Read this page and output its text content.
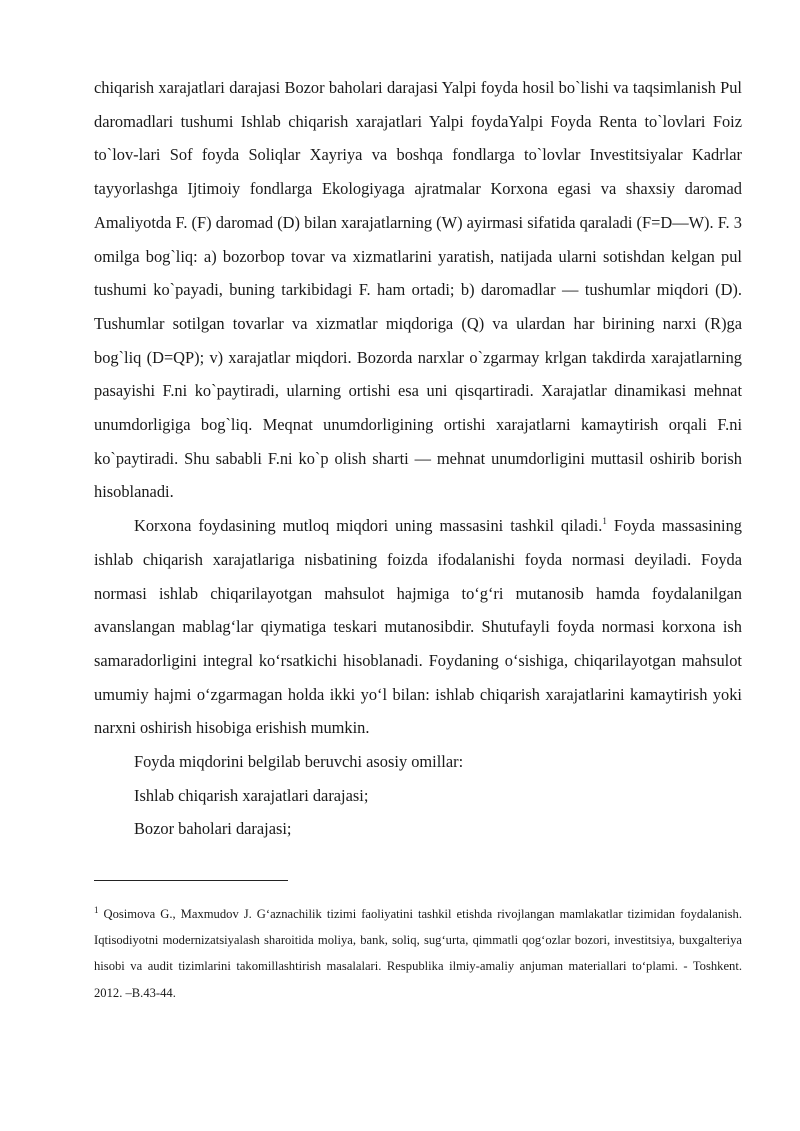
chiqarish xarajatlari darajasi Bozor baholari darajasi Yalpi foyda hosil bo`lishi va taqsimlanish Pul daromadlari tushumi Ishlab chiqarish xarajatlari Yalpi foydaYalpi Foyda Renta to`lovlari Foiz to`lov-lari Sof foyda Soliqlar Xayriya va boshqa fondlarga to`lovlar Investitsiyalar Kadrlar tayyorlashga Ijtimoiy fondlarga Ekologiyaga ajratmalar Korxona egasi va shaxsiy daromad Amaliyotda F. (F) daromad (D) bilan xarajatlarning (W) ayirmasi sifatida qaraladi (F=D—W). F. 3 omilga bog`liq: a) bozorbop tovar va xizmatlarini yaratish, natijada ularni sotishdan kelgan pul tushumi ko`payadi, buning tarkibidagi F. ham ortadi; b) daromadlar — tushumlar miqdori (D). Tushumlar sotilgan tovarlar va xizmatlar miqdoriga (Q) va ulardan har birining narxi (R)ga bog`liq (D=QP); v) xarajatlar miqdori. Bozorda narxlar o`zgarmay krlgan takdirda xarajatlarning pasayishi F.ni ko`paytiradi, ularning ortishi esa uni qisqartiradi. Xarajatlar dinamikasi mehnat unumdorligiga bog`liq. Meqnat unumdorligining ortishi xarajatlarni kamaytirish orqali F.ni ko`paytiradi. Shu sababli F.ni ko`p olish sharti — mehnat unumdorligini muttasil oshirib borish hisoblanadi.

Korxona foydasining mutloq miqdori uning massasini tashkil qiladi.$^1$ Foyda massasining ishlab chiqarish xarajatlariga nisbatining foizda ifodalanishi foyda normasi deyiladi. Foyda normasi ishlab chiqarilayotgan mahsulot hajmiga to‘g‘ri mutanosib hamda foydalanilgan avanslangan mablag‘lar qiymatiga teskari mutanosibdir. Shutufayli foyda normasi korxona ish samaradorligini integral ko‘rsatkichi hisoblanadi. Foydaning o‘sishiga, chiqarilayotgan mahsulot umumiy hajmi o‘zgarmagan holda ikki yo‘l bilan: ishlab chiqarish xarajatlarini kamaytirish yoki narxni oshirish hisobiga erishish mumkin.

Foyda miqdorini belgilab beruvchi asosiy omillar:

Ishlab chiqarish xarajatlari darajasi;

Bozor baholari darajasi;

$^1$ Qosimova G., Maxmudov J. G‘aznachilik tizimi faoliyatini tashkil etishda rivojlangan mamlakatlar tizimidan foydalanish. Iqtisodiyotni modernizatsiyalash sharoitida moliya, bank, soliq, sug‘urta, qimmatli qog‘ozlar bozori, investitsiya, buxgalteriya hisobi va audit tizimlarini takomillashtirish masalalari. Respublika ilmiy-amaliy anjuman materiallari to‘plami. - Toshkent. 2012. –B.43-44.
